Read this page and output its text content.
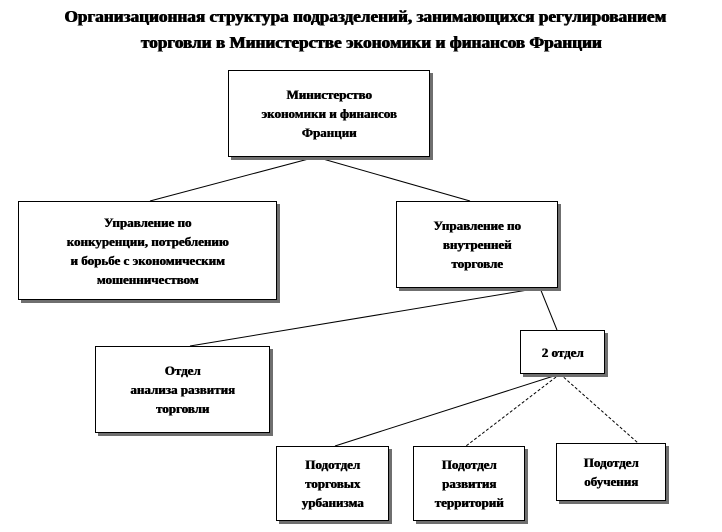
Организационная структура подразделений, занимающихся регулированием
торговли в Министерстве экономики и финансов Франции
Министерство
экономики и финансов
Франции
Управление по
конкуренции, потреблению
и борьбе с экономическим
мошенничеством
Управление по
внутренней
торговле
Отдел
анализа развития
торговли
2 отдел
Подотдел
торговых
урбанизма
Подотдел
развития
территорий
Подотдел
обучения
